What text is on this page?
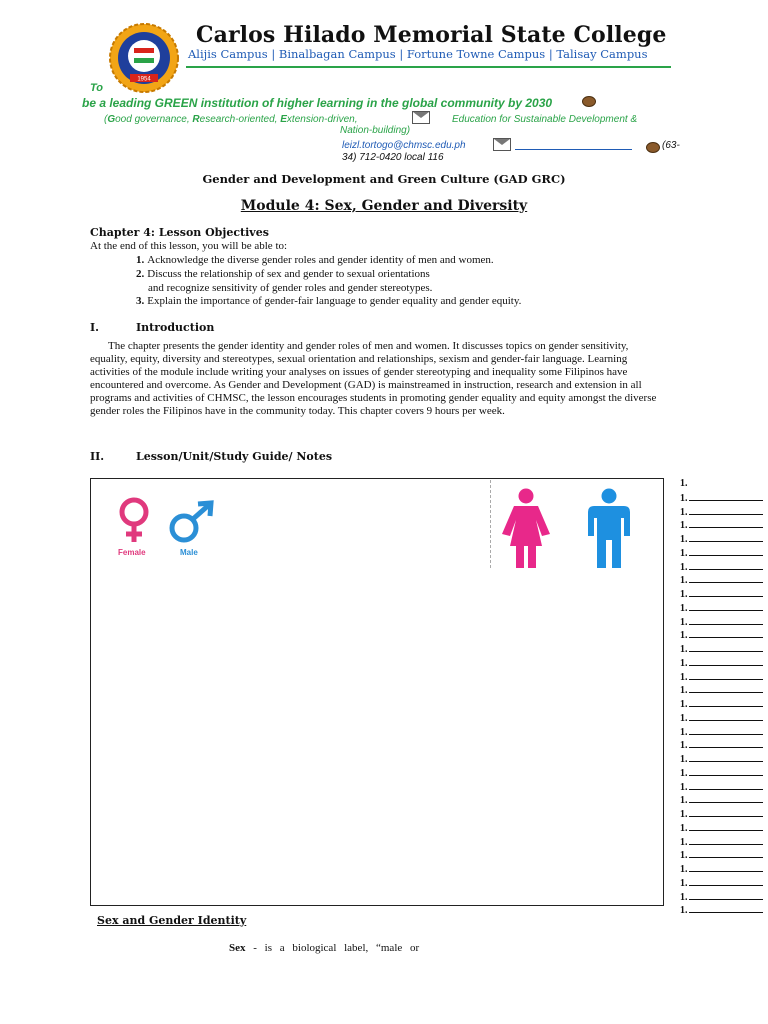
1954
Carlos Hilado Memorial State College
Alijis Campus | Binalbagan Campus | Fortune Towne Campus | Talisay Campus
To
be a leading GREEN institution of higher learning in the global community by 2030
(Good governance, Research-oriented, Extension-driven,	Education for Sustainable Development &
Nation-building)
leizl.tortogo@chmsc.edu.ph	(63-
34) 712-0420 local 116
Gender and Development and Green Culture (GAD GRC)
Module 4: Sex, Gender and Diversity
Chapter 4: Lesson Objectives
At the end of this lesson, you will be able to:
1. Acknowledge the diverse gender roles and gender identity of men and women.
2. Discuss the relationship of sex and gender to sexual orientations
and recognize sensitivity of gender roles and gender stereotypes.
3. Explain the importance of gender-fair language to gender equality and gender equity.
I.	Introduction
The chapter presents the gender identity and gender roles of men and women. It discusses topics on gender sensitivity, equality, equity, diversity and stereotypes, sexual orientation and relationships, sexism and gender-fair language. Learning activities of the module include writing your analyses on issues of gender stereotyping and inequality some Filipinos have encountered and overcome. As Gender and Development (GAD) is mainstreamed in instruction, research and extension in all programs and activities of CHMSC, the lesson encourages students in promoting gender equality and equity amongst the diverse gender roles the Filipinos have in the community today. This chapter covers 9 hours per week.
II.	Lesson/Unit/Study Guide/ Notes
Female	Male
1.
1.
1.
1.
1.
1.
1.
1.
1.
1.
1.
1.
1.
1.
1.
1.
1.
1.
1.
1.
1.
1.
1.
1.
1.
1.
1.
1.
1.
1.
1.
1.
Sex and Gender Identity
Sex - is a biological label, “male or
